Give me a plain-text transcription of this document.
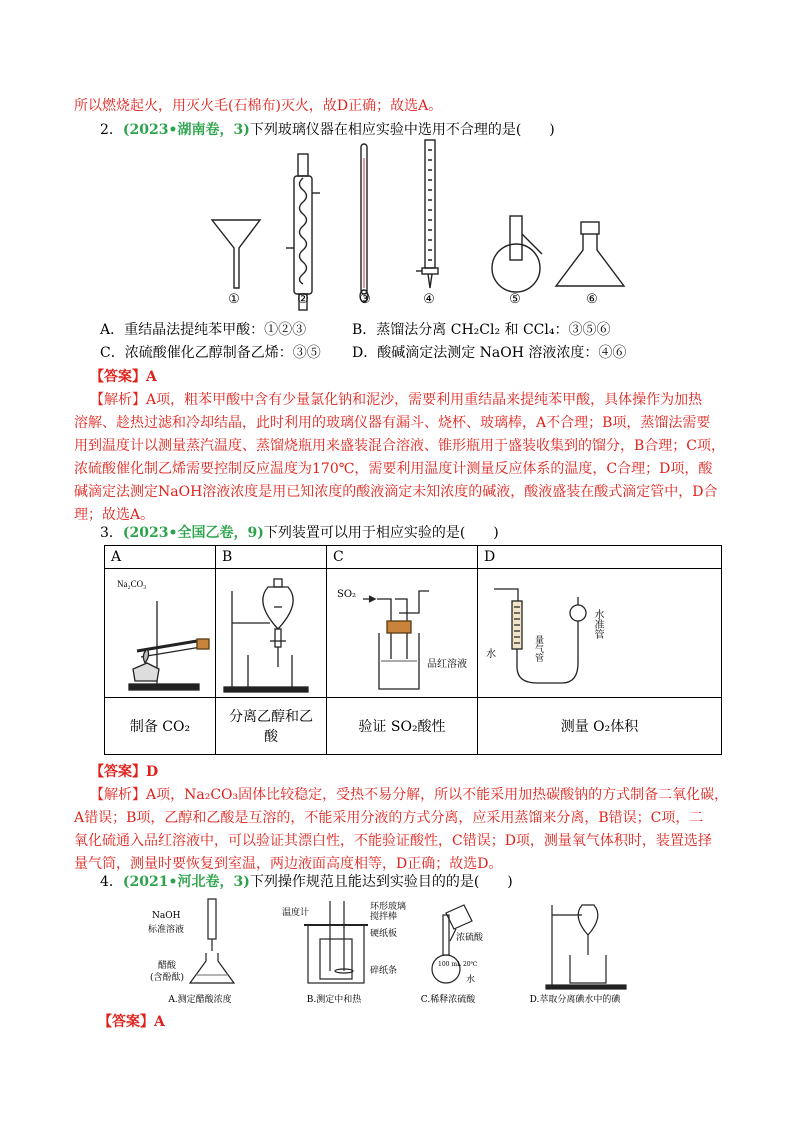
所以燃烧起火，用灭火毛(石棉布)灭火，故D正确；故选A。
2．(2023•湖南卷，3)下列玻璃仪器在相应实验中选用不合理的是(　　)
①	②	③	④	⑤	⑥
A．重结晶法提纯苯甲酸：①②③	B．蒸馏法分离 CH₂Cl₂ 和 CCl₄：③⑤⑥
C．浓硫酸催化乙醇制备乙烯：③⑤ D．酸碱滴定法测定 NaOH 溶液浓度：④⑥
【答案】A
【解析】A项，粗苯甲酸中含有少量氯化钠和泥沙，需要利用重结晶来提纯苯甲酸，具体操作为加热
溶解、趁热过滤和冷却结晶，此时利用的玻璃仪器有漏斗、烧杯、玻璃棒，A不合理；B项，蒸馏法需要
用到温度计以测量蒸汽温度、蒸馏烧瓶用来盛装混合溶液、锥形瓶用于盛装收集到的馏分，B合理；C项，
浓硫酸催化制乙烯需要控制反应温度为170℃，需要利用温度计测量反应体系的温度，C合理；D项，酸
碱滴定法测定NaOH溶液浓度是用已知浓度的酸液滴定未知浓度的碱液，酸液盛装在酸式滴定管中，D合
理；故选A。
3．(2023•全国乙卷，9)下列装置可以用于相应实验的是(　　)
A	B	C	D

Na₂CO₃		SO₂
品红溶液	水
水准管
量气管

制备 CO₂	分离乙醇和乙
酸	验证 SO₂酸性	测量 O₂体积
【答案】D
【解析】A项，Na₂CO₃固体比较稳定，受热不易分解，所以不能采用加热碳酸钠的方式制备二氧化碳，
A错误；B项，乙醇和乙酸是互溶的，不能采用分液的方式分离，应采用蒸馏来分离，B错误；C项，二
氧化硫通入品红溶液中，可以验证其漂白性，不能验证酸性，C错误；D项，测量氧气体积时，装置选择
量气筒，测量时要恢复到室温，两边液面高度相等，D正确；故选D。
4．(2021•河北卷，3)下列操作规范且能达到实验目的的是(　　)
NaOH
标准溶液
醋酸
(含酚酞)
温度计
环形玻璃
搅拌棒
硬纸板
碎纸条
浓硫酸
水
100 mL 20℃
A.测定醋酸浓度	B.测定中和热	C.稀释浓硫酸	D.萃取分离碘水中的碘
【答案】A
